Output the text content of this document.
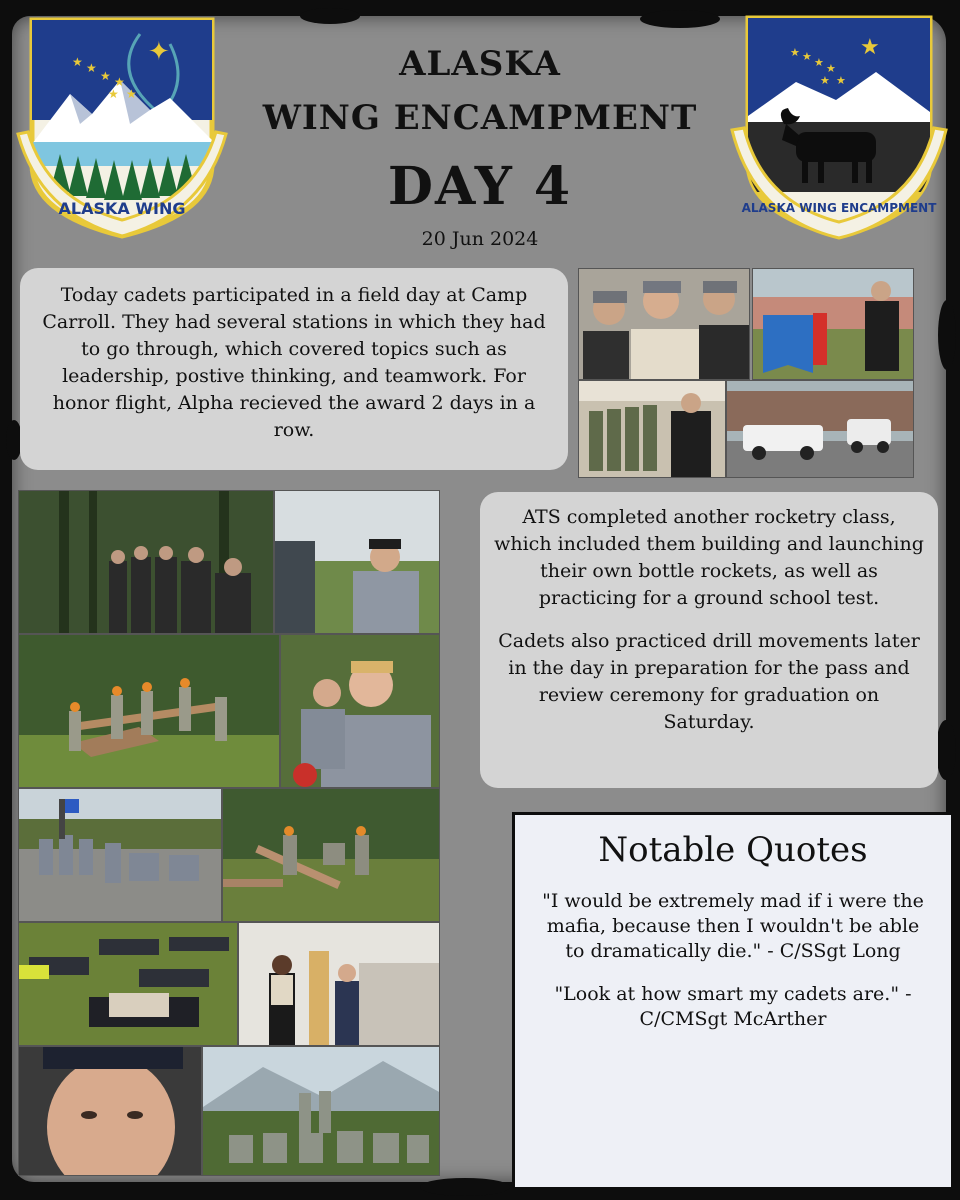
ALASKA
WING ENCAMPMENT
DAY 4
20 Jun 2024
★ ★
★ ★
★ ★
✦
ALASKA WING
★ ★ ★ ★
★ ★
★
ALASKA WING ENCAMPMENT
Today cadets participated in a field day at Camp Carroll. They had several stations in which they had to go through, which covered topics such as leadership, postive thinking, and teamwork. For honor flight, Alpha recieved the award 2 days in a row.

ATS completed another rocketry class, which included them building and launching their own bottle rockets, as well as practicing for a ground school test.

Cadets also practiced drill movements later in the day in preparation for the pass and review ceremony for graduation on Saturday.

Notable Quotes
"I would be extremely mad if i were the mafia, because then I wouldn't be able to dramatically die." - C/SSgt Long
"Look at how smart my cadets are." - C/CMSgt McArther
